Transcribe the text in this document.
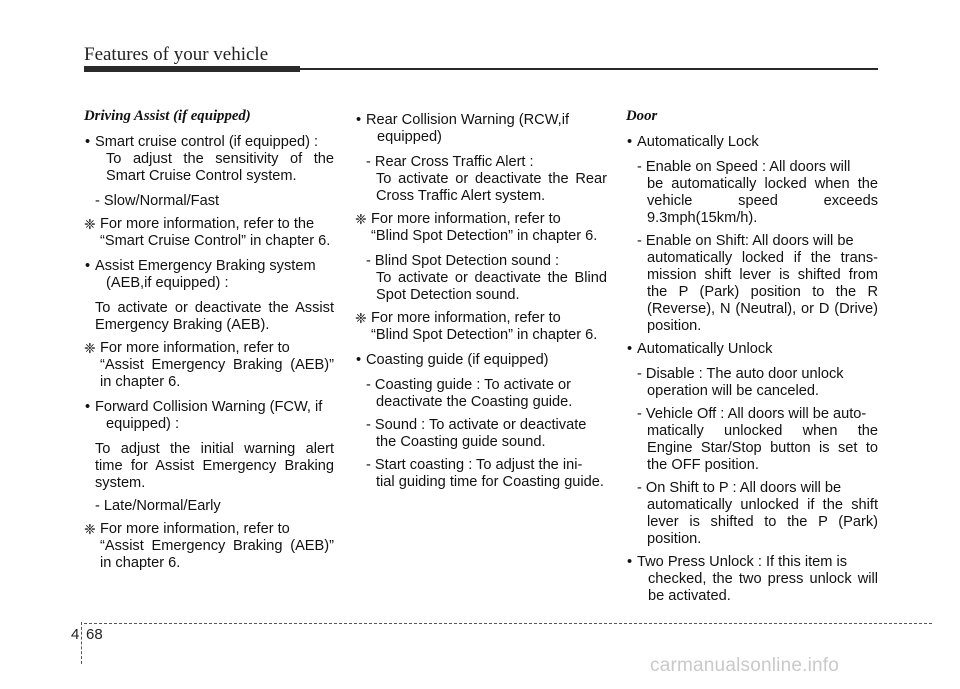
Features of your vehicle
Driving Assist (if equipped)
• Smart cruise control (if equipped) :
To adjust the sensitivity of the Smart Cruise Control system.
- Slow/Normal/Fast
❈ For more information, refer to the
“Smart Cruise Control” in chapter 6.
• Assist Emergency Braking system
(AEB,if equipped) :
To activate or deactivate the Assist Emergency Braking (AEB).
❈ For more information, refer to
“Assist Emergency Braking (AEB)” in chapter 6.
• Forward Collision Warning (FCW, if
equipped) :
To adjust the initial warning alert time for Assist Emergency Braking system.
- Late/Normal/Early
❈ For more information, refer to
“Assist Emergency Braking (AEB)” in chapter 6.
• Rear Collision Warning (RCW,if
equipped)
- Rear Cross Traffic Alert :
To activate or deactivate the Rear Cross Traffic Alert system.
❈ For more information, refer to
“Blind Spot Detection” in chapter 6.
- Blind Spot Detection sound :
To activate or deactivate the Blind Spot Detection sound.
❈ For more information, refer to
“Blind Spot Detection” in chapter 6.
• Coasting guide (if equipped)
- Coasting guide : To activate or
deactivate the Coasting guide.
- Sound : To activate or deactivate
the Coasting guide sound.
- Start coasting : To adjust the ini-
tial guiding time for Coasting guide.
Door
• Automatically Lock
- Enable on Speed : All doors will
be automatically locked when the vehicle speed exceeds 9.3mph(15km/h).
- Enable on Shift: All doors will be
automatically locked if the trans-mission shift lever is shifted from the P (Park) position to the R (Reverse), N (Neutral), or D (Drive) position.
• Automatically Unlock
- Disable : The auto door unlock
operation will be canceled.
- Vehicle Off : All doors will be auto-
matically unlocked when the Engine Star/Stop button is set to the OFF position.
- On Shift to P : All doors will be
automatically unlocked if the shift lever is shifted to the P (Park) position.
• Two Press Unlock : If this item is
checked, the two press unlock will be activated.
4 68
carmanualsonline.info
